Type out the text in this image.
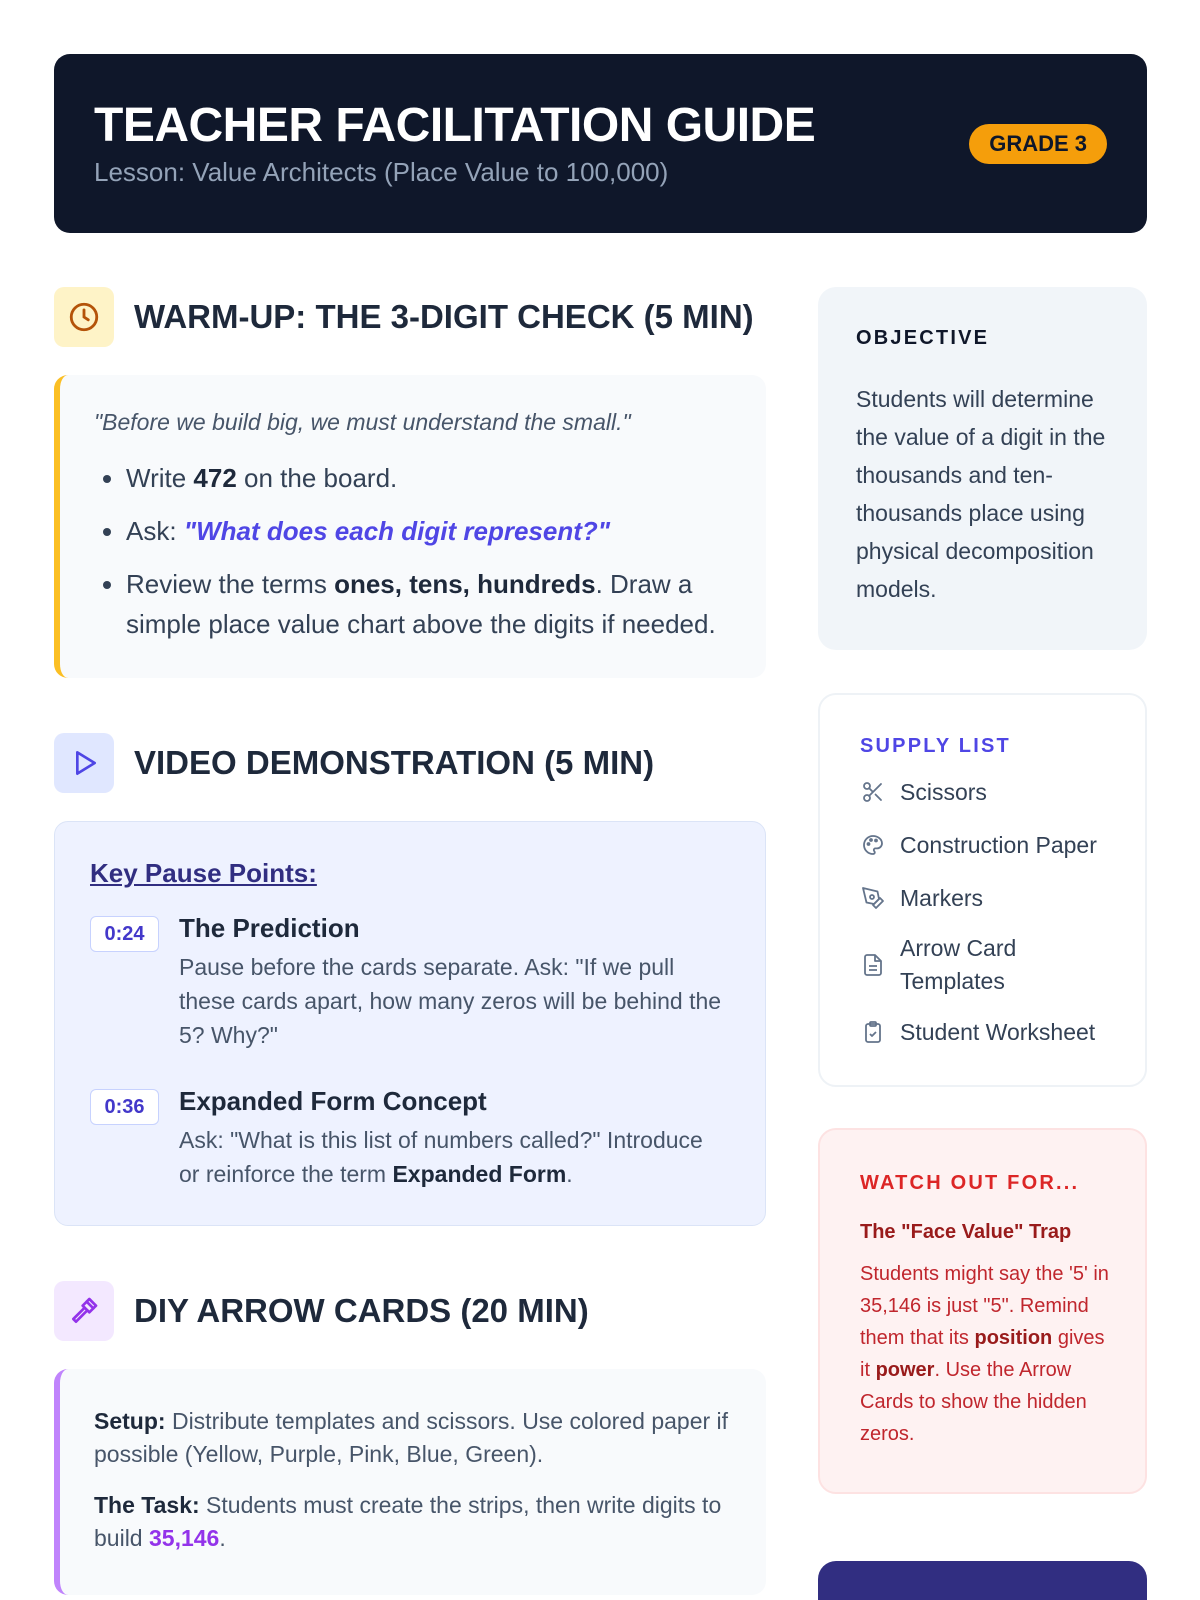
TEACHER FACILITATION GUIDE
Lesson: Value Architects (Place Value to 100,000)
GRADE 3
WARM-UP: THE 3-DIGIT CHECK (5 MIN)
"Before we build big, we must understand the small."
• Write 472 on the board.
• Ask: "What does each digit represent?"
• Review the terms ones, tens, hundreds. Draw a simple place value chart above the digits if needed.
VIDEO DEMONSTRATION (5 MIN)
Key Pause Points:
0:24	The Prediction
Pause before the cards separate. Ask: "If we pull these cards apart, how many zeros will be behind the 5? Why?"
0:36	Expanded Form Concept
Ask: "What is this list of numbers called?" Introduce or reinforce the term Expanded Form.
DIY ARROW CARDS (20 MIN)

Setup: Distribute templates and scissors. Use colored paper if possible (Yellow, Purple, Pink, Blue, Green).

The Task: Students must create the strips, then write digits to build 35,146.

OBJECTIVE
Students will determine the value of a digit in the thousands and ten-thousands place using physical decomposition models.
SUPPLY LIST
Scissors
Construction Paper
Markers
Arrow Card Templates
Student Worksheet
WATCH OUT FOR...
The "Face Value" Trap
Students might say the '5' in 35,146 is just "5". Remind them that its position gives it power. Use the Arrow Cards to show the hidden zeros.
